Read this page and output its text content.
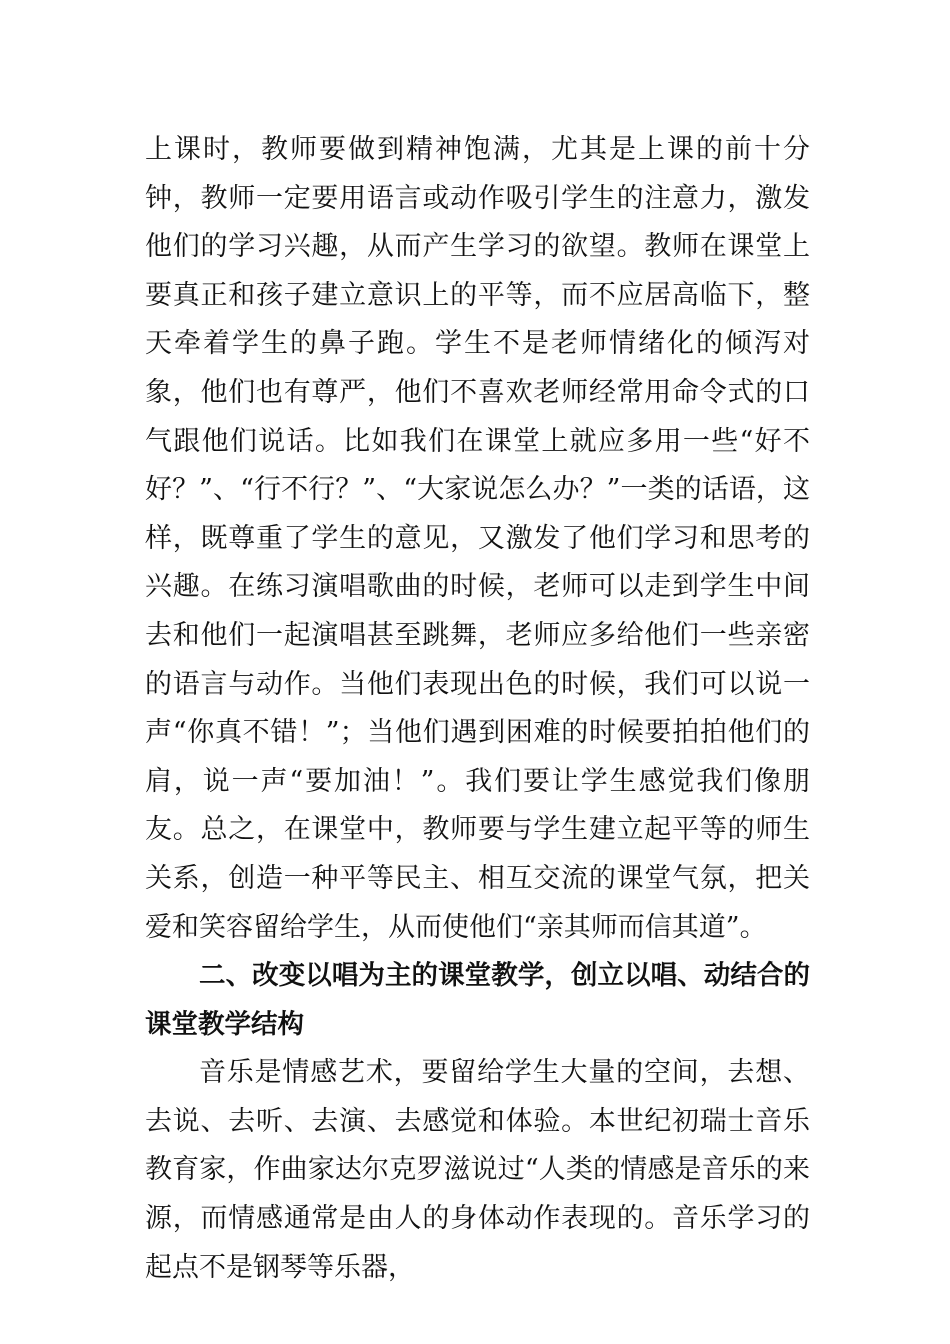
上课时，教师要做到精神饱满，尤其是上课的前十分钟，教师一定要用语言或动作吸引学生的注意力，激发他们的学习兴趣，从而产生学习的欲望。教师在课堂上要真正和孩子建立意识上的平等，而不应居高临下，整天牵着学生的鼻子跑。学生不是老师情绪化的倾泻对象，他们也有尊严，他们不喜欢老师经常用命令式的口气跟他们说话。比如我们在课堂上就应多用一些“好不好？”、“行不行？”、“大家说怎么办？”一类的话语，这样，既尊重了学生的意见，又激发了他们学习和思考的兴趣。在练习演唱歌曲的时候，老师可以走到学生中间去和他们一起演唱甚至跳舞，老师应多给他们一些亲密的语言与动作。当他们表现出色的时候，我们可以说一声“你真不错！”；当他们遇到困难的时候要拍拍他们的肩，说一声“要加油！”。我们要让学生感觉我们像朋友。总之，在课堂中，教师要与学生建立起平等的师生关系，创造一种平等民主、相互交流的课堂气氛，把关爱和笑容留给学生，从而使他们“亲其师而信其道”。

二、改变以唱为主的课堂教学，创立以唱、动结合的课堂教学结构

音乐是情感艺术，要留给学生大量的空间，去想、去说、去听、去演、去感觉和体验。本世纪初瑞士音乐教育家，作曲家达尔克罗滋说过“人类的情感是音乐的来源，而情感通常是由人的身体动作表现的。音乐学习的起点不是钢琴等乐器，
